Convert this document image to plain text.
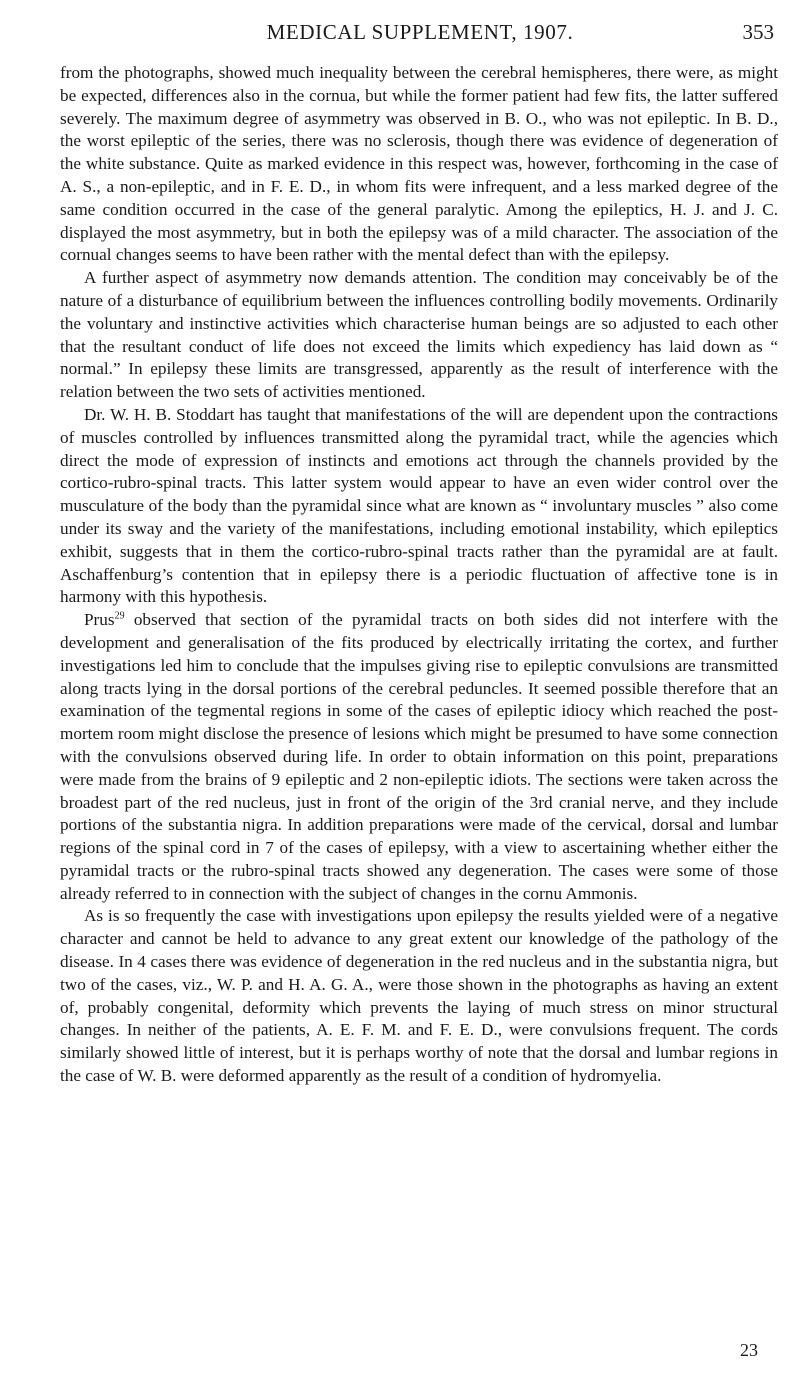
MEDICAL SUPPLEMENT, 1907.	353

from the photographs, showed much inequality between the cerebral hemispheres, there were, as might be expected, differences also in the cornua, but while the former patient had few fits, the latter suffered severely. The maximum degree of asymmetry was observed in B. O., who was not epileptic. In B. D., the worst epileptic of the series, there was no sclerosis, though there was evidence of degeneration of the white substance. Quite as marked evidence in this respect was, however, forthcoming in the case of A. S., a non-epileptic, and in F. E. D., in whom fits were infrequent, and a less marked degree of the same condition occurred in the case of the general paralytic. Among the epileptics, H. J. and J. C. displayed the most asymmetry, but in both the epilepsy was of a mild character. The association of the cornual changes seems to have been rather with the mental defect than with the epilepsy.

A further aspect of asymmetry now demands attention. The condition may conceivably be of the nature of a disturbance of equilibrium between the influences controlling bodily movements. Ordinarily the voluntary and instinctive activities which characterise human beings are so adjusted to each other that the resultant conduct of life does not exceed the limits which expediency has laid down as “ normal.” In epilepsy these limits are transgressed, apparently as the result of interference with the relation between the two sets of activities mentioned.

Dr. W. H. B. Stoddart has taught that manifestations of the will are dependent upon the contractions of muscles controlled by influences transmitted along the pyramidal tract, while the agencies which direct the mode of expression of instincts and emotions act through the channels provided by the cortico-rubro-spinal tracts. This latter system would appear to have an even wider control over the musculature of the body than the pyramidal since what are known as “ involuntary muscles ” also come under its sway and the variety of the manifestations, including emotional instability, which epileptics exhibit, suggests that in them the cortico-rubro-spinal tracts rather than the pyramidal are at fault. Aschaffenburg’s contention that in epilepsy there is a periodic fluctuation of affective tone is in harmony with this hypothesis.

Prus$^{29}$ observed that section of the pyramidal tracts on both sides did not interfere with the development and generalisation of the fits produced by electrically irritating the cortex, and further investigations led him to conclude that the impulses giving rise to epileptic convulsions are transmitted along tracts lying in the dorsal portions of the cerebral peduncles. It seemed possible therefore that an examination of the tegmental regions in some of the cases of epileptic idiocy which reached the post-mortem room might disclose the presence of lesions which might be presumed to have some connection with the convulsions observed during life. In order to obtain information on this point, preparations were made from the brains of 9 epileptic and 2 non-epileptic idiots. The sections were taken across the broadest part of the red nucleus, just in front of the origin of the 3rd cranial nerve, and they include portions of the substantia nigra. In addition preparations were made of the cervical, dorsal and lumbar regions of the spinal cord in 7 of the cases of epilepsy, with a view to ascertaining whether either the pyramidal tracts or the rubro-spinal tracts showed any degeneration. The cases were some of those already referred to in connection with the subject of changes in the cornu Ammonis.

As is so frequently the case with investigations upon epilepsy the results yielded were of a negative character and cannot be held to advance to any great extent our knowledge of the pathology of the disease. In 4 cases there was evidence of degeneration in the red nucleus and in the substantia nigra, but two of the cases, viz., W. P. and H. A. G. A., were those shown in the photographs as having an extent of, probably congenital, deformity which prevents the laying of much stress on minor structural changes. In neither of the patients, A. E. F. M. and F. E. D., were convulsions frequent. The cords similarly showed little of interest, but it is perhaps worthy of note that the dorsal and lumbar regions in the case of W. B. were deformed apparently as the result of a condition of hydromyelia.

23
